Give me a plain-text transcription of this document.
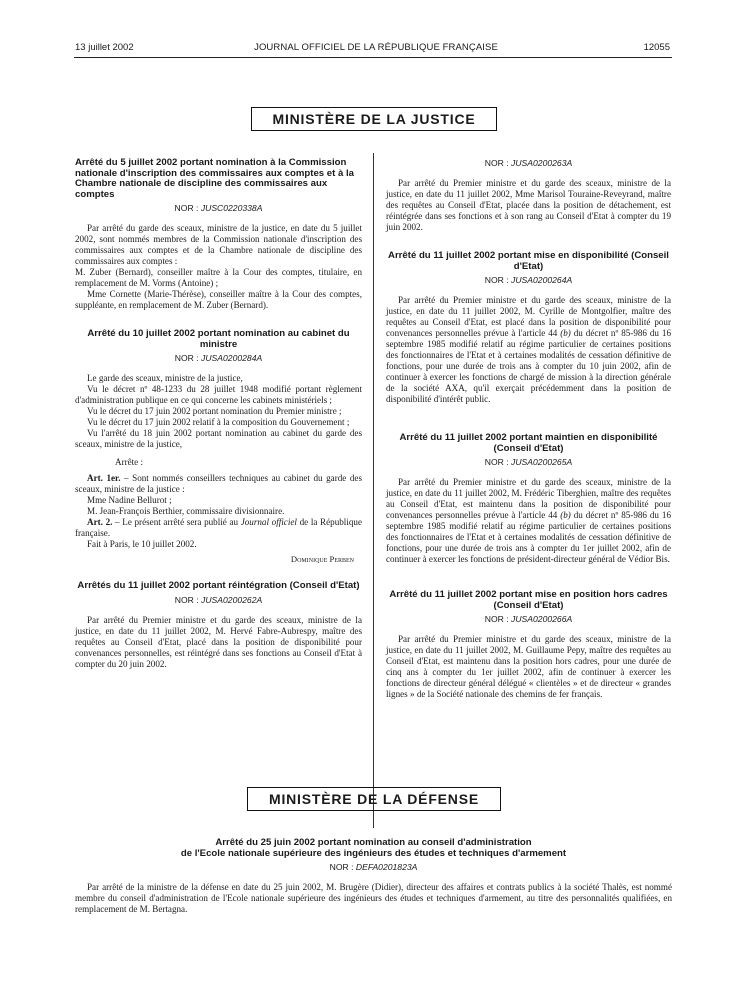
13 juillet 2002	JOURNAL OFFICIEL DE LA RÉPUBLIQUE FRANÇAISE	12055
MINISTÈRE DE LA JUSTICE
Arrêté du 5 juillet 2002 portant nomination à la Commission nationale d'inscription des commissaires aux comptes et à la Chambre nationale de discipline des commissaires aux comptes
NOR : JUSC0220338A

Par arrêté du garde des sceaux, ministre de la justice, en date du 5 juillet 2002, sont nommés membres de la Commission nationale d'inscription des commissaires aux comptes et de la Chambre nationale de discipline des commissaires aux comptes :

M. Zuber (Bernard), conseiller maître à la Cour des comptes, titulaire, en remplacement de M. Vorms (Antoine) ;

Mme Cornette (Marie-Thérèse), conseiller maître à la Cour des comptes, suppléante, en remplacement de M. Zuber (Bernard).

Arrêté du 10 juillet 2002 portant nomination au cabinet du ministre
NOR : JUSA0200284A

Le garde des sceaux, ministre de la justice,

Vu le décret nº 48-1233 du 28 juillet 1948 modifié portant règlement d'administration publique en ce qui concerne les cabinets ministériels ;

Vu le décret du 17 juin 2002 portant nomination du Premier ministre ;

Vu le décret du 17 juin 2002 relatif à la composition du Gouvernement ;

Vu l'arrêté du 18 juin 2002 portant nomination au cabinet du garde des sceaux, ministre de la justice,

Arrête :

Art. 1er. – Sont nommés conseillers techniques au cabinet du garde des sceaux, ministre de la justice :

Mme Nadine Bellurot ;

M. Jean-François Berthier, commissaire divisionnaire.

Art. 2. – Le présent arrêté sera publié au Journal officiel de la République française.

Fait à Paris, le 10 juillet 2002.

Dominique Perben
Arrêtés du 11 juillet 2002 portant réintégration (Conseil d'Etat)
NOR : JUSA0200262A

Par arrêté du Premier ministre et du garde des sceaux, ministre de la justice, en date du 11 juillet 2002, M. Hervé Fabre-Aubrespy, maître des requêtes au Conseil d'Etat, placé dans la position de disponibilité pour convenances personnelles, est réintégré dans ses fonctions au Conseil d'Etat à compter du 20 juin 2002.

NOR : JUSA0200263A

Par arrêté du Premier ministre et du garde des sceaux, ministre de la justice, en date du 11 juillet 2002, Mme Marisol Touraine-Reveyrand, maître des requêtes au Conseil d'Etat, placée dans la position de détachement, est réintégrée dans ses fonctions et à son rang au Conseil d'Etat à compter du 19 juin 2002.

Arrêté du 11 juillet 2002 portant mise en disponibilité (Conseil d'Etat)
NOR : JUSA0200264A

Par arrêté du Premier ministre et du garde des sceaux, ministre de la justice, en date du 11 juillet 2002, M. Cyrille de Montgolfier, maître des requêtes au Conseil d'Etat, est placé dans la position de disponibilité pour convenances personnelles prévue à l'article 44 (b) du décret nº 85-986 du 16 septembre 1985 modifié relatif au régime particulier de certaines positions des fonctionnaires de l'Etat et à certaines modalités de cessation définitive de fonctions, pour une durée de trois ans à compter du 10 juin 2002, afin de continuer à exercer les fonctions de chargé de mission à la direction générale de la société AXA, qu'il exerçait précédemment dans la position de disponibilité d'intérêt public.

Arrêté du 11 juillet 2002 portant maintien en disponibilité (Conseil d'Etat)
NOR : JUSA0200265A

Par arrêté du Premier ministre et du garde des sceaux, ministre de la justice, en date du 11 juillet 2002, M. Frédéric Tiberghien, maître des requêtes au Conseil d'Etat, est maintenu dans la position de disponibilité pour convenances personnelles prévue à l'article 44 (b) du décret nº 85-986 du 16 septembre 1985 modifié relatif au régime particulier de certaines positions des fonctionnaires de l'Etat et à certaines modalités de cessation définitive de fonctions, pour une durée de trois ans à compter du 1er juillet 2002, afin de continuer à exercer les fonctions de président-directeur général de Védior Bis.

Arrêté du 11 juillet 2002 portant mise en position hors cadres (Conseil d'Etat)
NOR : JUSA0200266A

Par arrêté du Premier ministre et du garde des sceaux, ministre de la justice, en date du 11 juillet 2002, M. Guillaume Pepy, maître des requêtes au Conseil d'Etat, est maintenu dans la position hors cadres, pour une durée de cinq ans à compter du 1er juillet 2002, afin de continuer à exercer les fonctions de directeur général délégué « clientèles » et de directeur « grandes lignes » de la Société nationale des chemins de fer français.

MINISTÈRE DE LA DÉFENSE
Arrêté du 25 juin 2002 portant nomination au conseil d'administration
de l'Ecole nationale supérieure des ingénieurs des études et techniques d'armement
NOR : DEFA0201823A

Par arrêté de la ministre de la défense en date du 25 juin 2002, M. Brugère (Didier), directeur des affaires et contrats publics à la société Thalès, est nommé membre du conseil d'administration de l'Ecole nationale supérieure des ingénieurs des études et techniques d'armement, au titre des personnalités qualifiées, en remplacement de M. Bertagna.
